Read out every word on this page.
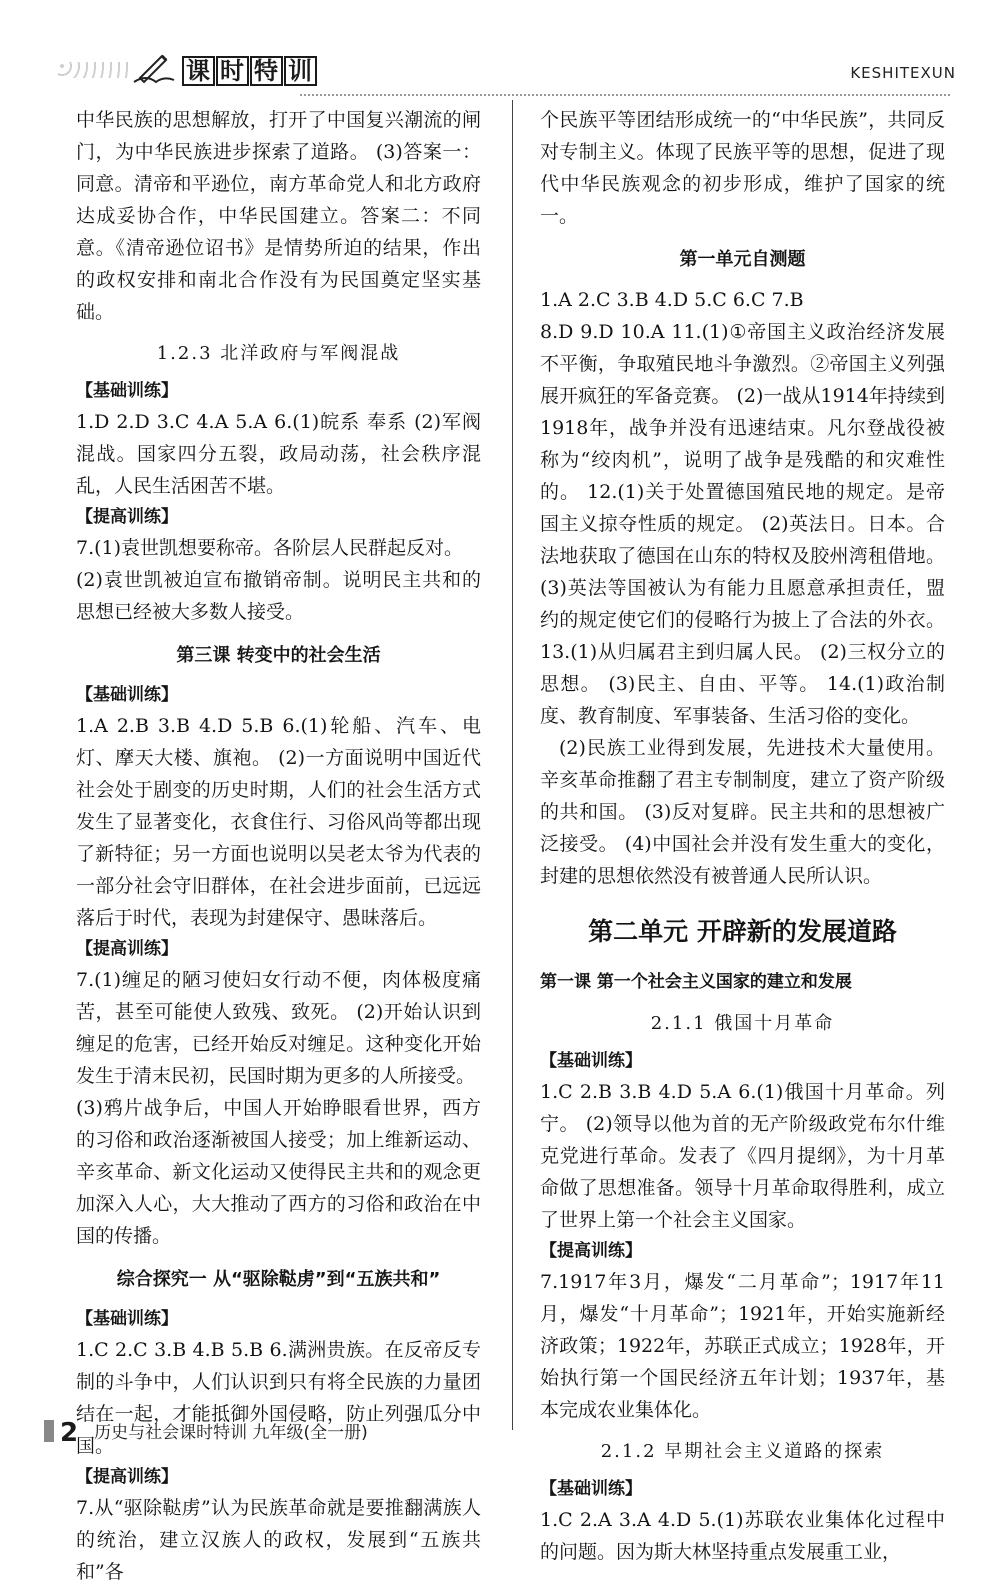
课 时 特 训	KESHITEXUN

中华民族的思想解放，打开了中国复兴潮流的闸门，为中华民族进步探索了道路。 (3)答案一：同意。清帝和平逊位，南方革命党人和北方政府达成妥协合作，中华民国建立。答案二：不同意。《清帝逊位诏书》是情势所迫的结果，作出的政权安排和南北合作没有为民国奠定坚实基础。

1.2.3 北洋政府与军阀混战
【基础训练】

1.D 2.D 3.C 4.A 5.A 6.(1)皖系 奉系 (2)军阀混战。国家四分五裂，政局动荡，社会秩序混乱，人民生活困苦不堪。

【提高训练】

7.(1)袁世凯想要称帝。各阶层人民群起反对。

(2)袁世凯被迫宣布撤销帝制。说明民主共和的思想已经被大多数人接受。

第三课 转变中的社会生活
【基础训练】

1.A 2.B 3.B 4.D 5.B 6.(1)轮船、汽车、电灯、摩天大楼、旗袍。 (2)一方面说明中国近代社会处于剧变的历史时期，人们的社会生活方式发生了显著变化，衣食住行、习俗风尚等都出现了新特征；另一方面也说明以吴老太爷为代表的一部分社会守旧群体，在社会进步面前，已远远落后于时代，表现为封建保守、愚昧落后。

【提高训练】

7.(1)缠足的陋习使妇女行动不便，肉体极度痛苦，甚至可能使人致残、致死。 (2)开始认识到缠足的危害，已经开始反对缠足。这种变化开始发生于清末民初，民国时期为更多的人所接受。

(3)鸦片战争后，中国人开始睁眼看世界，西方的习俗和政治逐渐被国人接受；加上维新运动、辛亥革命、新文化运动又使得民主共和的观念更加深入人心，大大推动了西方的习俗和政治在中国的传播。

综合探究一 从“驱除鞑虏”到“五族共和”
【基础训练】

1.C 2.C 3.B 4.B 5.B 6.满洲贵族。在反帝反专制的斗争中，人们认识到只有将全民族的力量团结在一起，才能抵御外国侵略，防止列强瓜分中国。

【提高训练】

7.从“驱除鞑虏”认为民族革命就是要推翻满族人的统治，建立汉族人的政权，发展到“五族共和”各

个民族平等团结形成统一的“中华民族”，共同反对专制主义。体现了民族平等的思想，促进了现代中华民族观念的初步形成，维护了国家的统一。

第一单元自测题

1.A 2.C 3.B 4.D 5.C 6.C 7.B

8.D 9.D 10.A 11.(1)①帝国主义政治经济发展不平衡，争取殖民地斗争激烈。②帝国主义列强展开疯狂的军备竞赛。 (2)一战从1914年持续到1918年，战争并没有迅速结束。凡尔登战役被称为“绞肉机”，说明了战争是残酷的和灾难性的。 12.(1)关于处置德国殖民地的规定。是帝国主义掠夺性质的规定。 (2)英法日。日本。合法地获取了德国在山东的特权及胶州湾租借地。 (3)英法等国被认为有能力且愿意承担责任，盟约的规定使它们的侵略行为披上了合法的外衣。 13.(1)从归属君主到归属人民。 (2)三权分立的思想。 (3)民主、自由、平等。 14.(1)政治制度、教育制度、军事装备、生活习俗的变化。

(2)民族工业得到发展，先进技术大量使用。辛亥革命推翻了君主专制制度，建立了资产阶级的共和国。 (3)反对复辟。民主共和的思想被广泛接受。 (4)中国社会并没有发生重大的变化，封建的思想依然没有被普通人民所认识。

第二单元 开辟新的发展道路
第一课 第一个社会主义国家的建立和发展
2.1.1 俄国十月革命
【基础训练】

1.C 2.B 3.B 4.D 5.A 6.(1)俄国十月革命。列宁。 (2)领导以他为首的无产阶级政党布尔什维克党进行革命。发表了《四月提纲》，为十月革命做了思想准备。领导十月革命取得胜利，成立了世界上第一个社会主义国家。

【提高训练】

7.1917年3月，爆发“二月革命”；1917年11月，爆发“十月革命”；1921年，开始实施新经济政策；1922年，苏联正式成立；1928年，开始执行第一个国民经济五年计划；1937年，基本完成农业集体化。

2.1.2 早期社会主义道路的探索
【基础训练】

1.C 2.A 3.A 4.D 5.(1)苏联农业集体化过程中的问题。因为斯大林坚持重点发展重工业，

2 历史与社会课时特训 九年级(全一册)
